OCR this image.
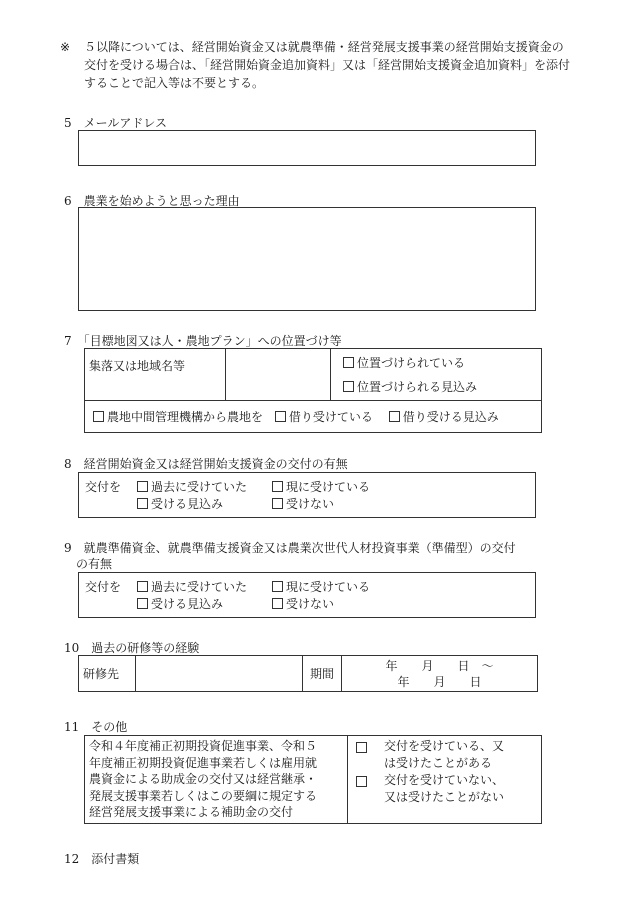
※ ５以降については、経営開始資金又は就農準備・経営発展支援事業の経営開始支援資金の交付を受ける場合は、「経営開始資金追加資料」又は「経営開始支援資金追加資料」を添付することで記入等は不要とする。
5　メールアドレス
6　農業を始めようと思った理由
7　「目標地図又は人・農地プラン」への位置づけ等
集落又は地域名等		位置づけられている
位置づけられる見込み

農地中間管理機構から農地を 借り受けている 借り受ける見込み
8　経営開始資金又は経営開始支援資金の交付の有無
交付を	過去に受けていた	現に受けている
受ける見込み	受けない
9　就農準備資金、就農準備支援資金又は農業次世代人材投資事業（準備型）の交付
の有無
交付を	過去に受けていた	現に受けている
受ける見込み	受けない
10　過去の研修等の経験
研修先		期間	
年　　月　　日　～
年　　月　　日
11　その他
令和４年度補正初期投資促進事業、令和５
年度補正初期投資促進事業若しくは雇用就
農資金による助成金の交付又は経営継承・
発展支援事業若しくはこの要綱に規定する
経営発展支援事業による補助金の交付

交付を受けている、又
は受けたことがある
交付を受けていない、
又は受けたことがない
12　添付書類
